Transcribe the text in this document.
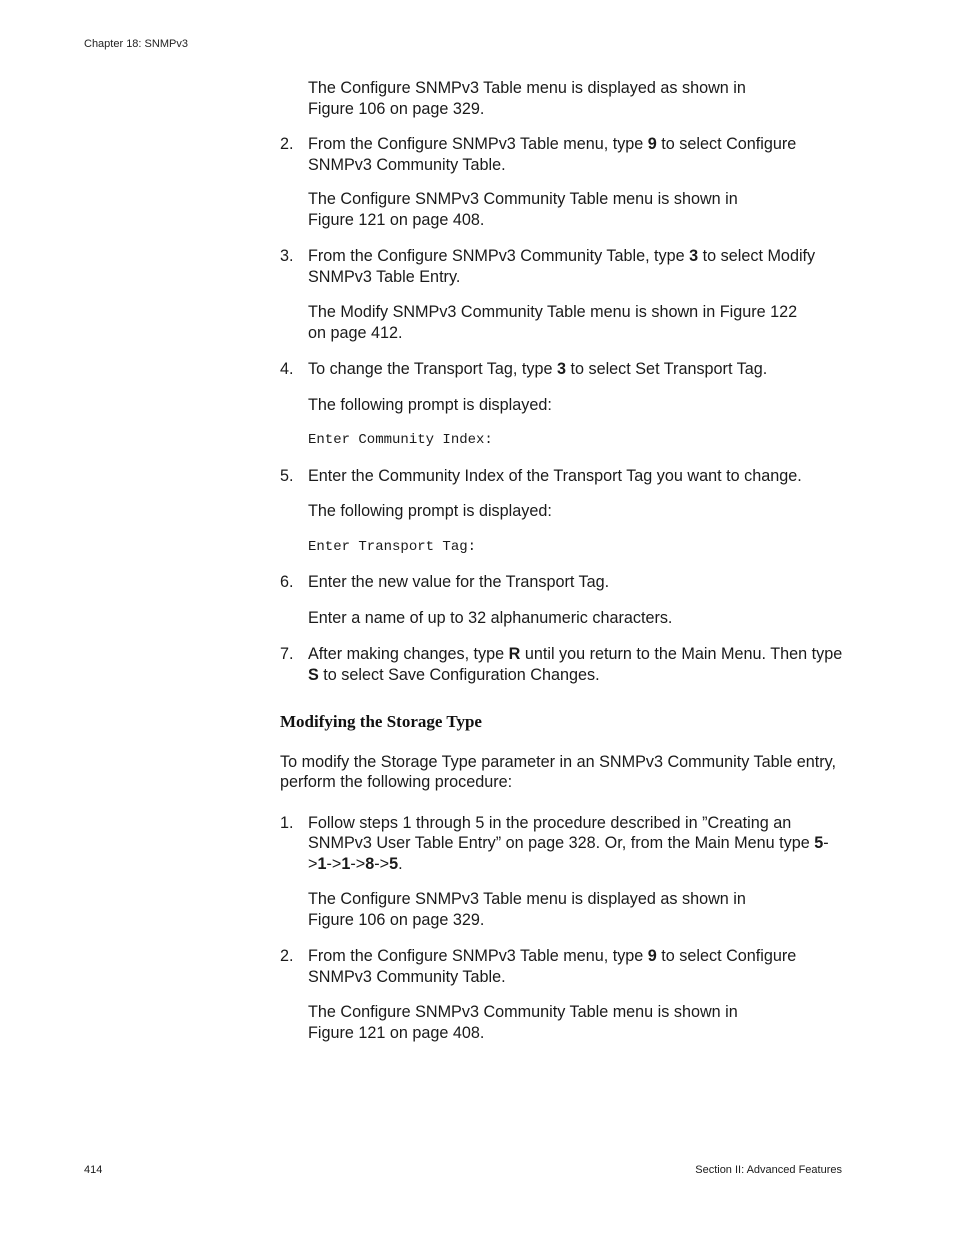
Chapter 18: SNMPv3

The Configure SNMPv3 Table menu is displayed as shown in Figure 106 on page 329.

2. From the Configure SNMPv3 Table menu, type 9 to select Configure SNMPv3 Community Table.

The Configure SNMPv3 Community Table menu is shown in Figure 121 on page 408.

3. From the Configure SNMPv3 Community Table, type 3 to select Modify SNMPv3 Table Entry.

The Modify SNMPv3 Community Table menu is shown in Figure 122 on page 412.

4. To change the Transport Tag, type 3 to select Set Transport Tag.

The following prompt is displayed:

Enter Community Index:

5. Enter the Community Index of the Transport Tag you want to change.

The following prompt is displayed:

Enter Transport Tag:

6. Enter the new value for the Transport Tag.

Enter a name of up to 32 alphanumeric characters.

7. After making changes, type R until you return to the Main Menu. Then type S to select Save Configuration Changes.

Modifying the Storage Type

To modify the Storage Type parameter in an SNMPv3 Community Table entry, perform the following procedure:

1. Follow steps 1 through 5 in the procedure described in ”Creating an SNMPv3 User Table Entry” on page 328. Or, from the Main Menu type 5->1->1->8->5.

The Configure SNMPv3 Table menu is displayed as shown in Figure 106 on page 329.

2. From the Configure SNMPv3 Table menu, type 9 to select Configure SNMPv3 Community Table.

The Configure SNMPv3 Community Table menu is shown in Figure 121 on page 408.

414	Section II: Advanced Features
